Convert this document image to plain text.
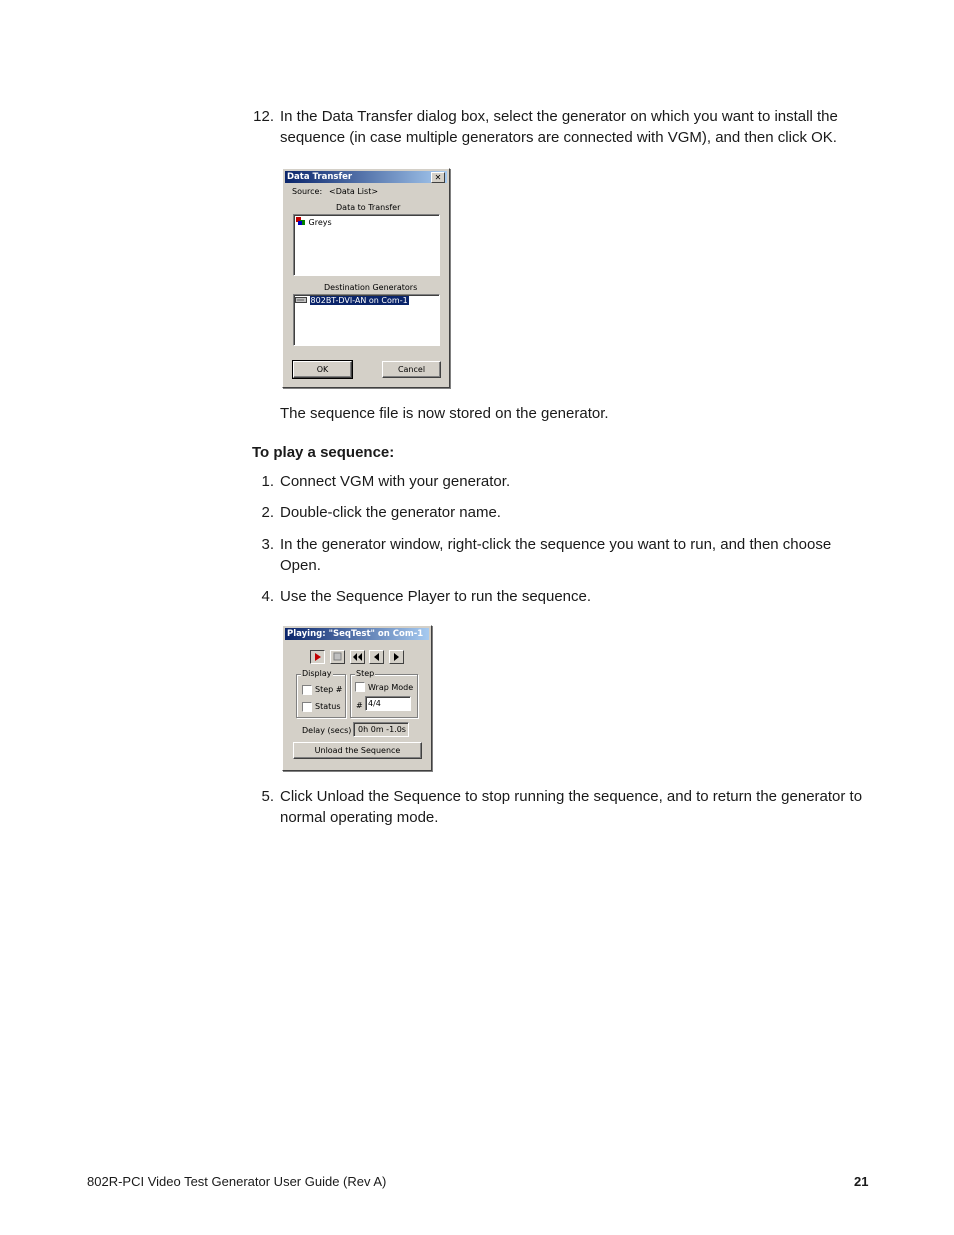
12. In the Data Transfer dialog box, select the generator on which you want to install the sequence (in case multiple generators are connected with VGM), and then click OK.
Data Transfer	✕
Source: <Data List>
Data to Transfer
Greys
Destination Generators
802BT-DVI-AN on Com-1
OK	Cancel
The sequence file is now stored on the generator.
To play a sequence:
1. Connect VGM with your generator.
2. Double-click the generator name.
3. In the generator window, right-click the sequence you want to run, and then choose Open.
4. Use the Sequence Player to run the sequence.
Playing: "SeqTest" on Com-1
Display
Step #
Status
Step
Wrap Mode
# 4/4
Delay (secs) 0h 0m -1.0s
Unload the Sequence
5. Click Unload the Sequence to stop running the sequence, and to return the generator to normal operating mode.
802R-PCI Video Test Generator User Guide (Rev A)	21
